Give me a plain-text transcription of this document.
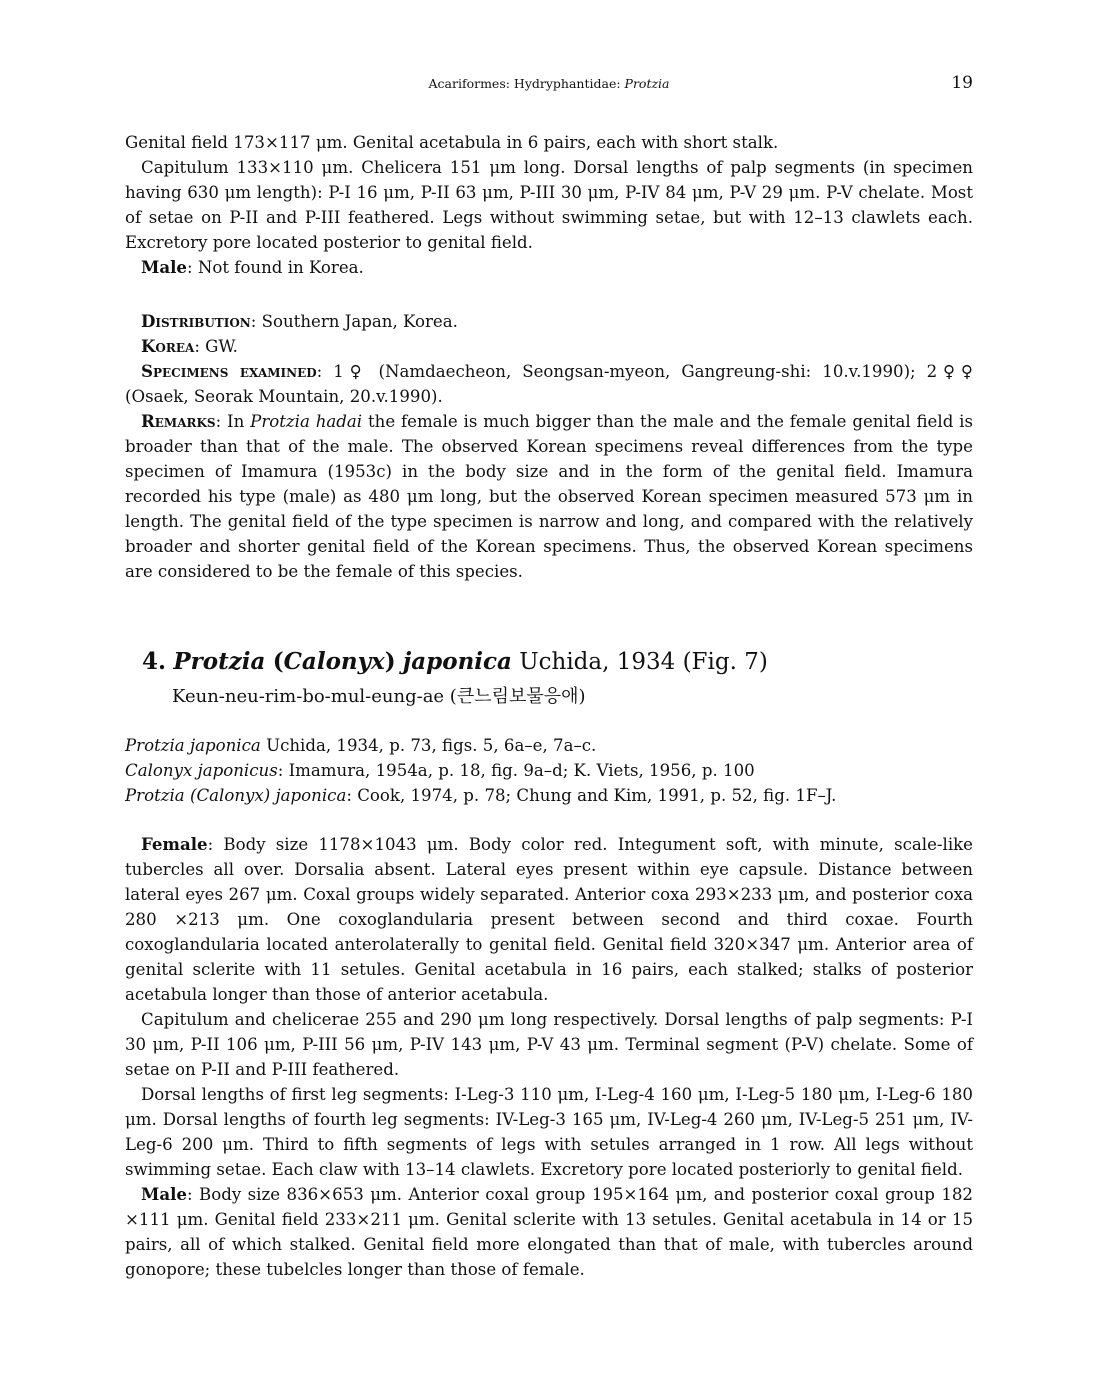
Acariformes: Hydryphantidae: Protzia	19

Genital field 173×117 μm. Genital acetabula in 6 pairs, each with short stalk.

Capitulum 133×110 μm. Chelicera 151 μm long. Dorsal lengths of palp segments (in specimen having 630 μm length): P-I 16 μm, P-II 63 μm, P-III 30 μm, P-IV 84 μm, P-V 29 μm. P-V chelate. Most of setae on P-II and P-III feathered. Legs without swimming setae, but with 12–13 clawlets each. Excretory pore located posterior to genital field.

Male: Not found in Korea.

Distribution: Southern Japan, Korea.

Korea: GW.

Specimens examined: 1♀ (Namdaecheon, Seongsan-myeon, Gangreung-shi: 10.v.1990); 2♀♀ (Osaek, Seorak Mountain, 20.v.1990).

Remarks: In Protzia hadai the female is much bigger than the male and the female genital field is broader than that of the male. The observed Korean specimens reveal differences from the type specimen of Imamura (1953c) in the body size and in the form of the genital field. Imamura recorded his type (male) as 480 μm long, but the observed Korean specimen measured 573 μm in length. The genital field of the type specimen is narrow and long, and compared with the relatively broader and shorter genital field of the Korean specimens. Thus, the observed Korean specimens are considered to be the female of this species.

4. Protzia (Calonyx) japonica Uchida, 1934 (Fig. 7)
Keun-neu-rim-bo-mul-eung-ae (큰느림보물응애)
Protzia japonica Uchida, 1934, p. 73, figs. 5, 6a–e, 7a–c.
Calonyx japonicus: Imamura, 1954a, p. 18, fig. 9a–d; K. Viets, 1956, p. 100
Protzia (Calonyx) japonica: Cook, 1974, p. 78; Chung and Kim, 1991, p. 52, fig. 1F–J.

Female: Body size 1178×1043 μm. Body color red. Integument soft, with minute, scale-like tubercles all over. Dorsalia absent. Lateral eyes present within eye capsule. Distance between lateral eyes 267 μm. Coxal groups widely separated. Anterior coxa 293×233 μm, and posterior coxa 280 ×213 μm. One coxoglandularia present between second and third coxae. Fourth coxoglandularia located anterolaterally to genital field. Genital field 320×347 μm. Anterior area of genital sclerite with 11 setules. Genital acetabula in 16 pairs, each stalked; stalks of posterior acetabula longer than those of anterior acetabula.

Capitulum and chelicerae 255 and 290 μm long respectively. Dorsal lengths of palp segments: P-I 30 μm, P-II 106 μm, P-III 56 μm, P-IV 143 μm, P-V 43 μm. Terminal segment (P-V) chelate. Some of setae on P-II and P-III feathered.

Dorsal lengths of first leg segments: I-Leg-3 110 μm, I-Leg-4 160 μm, I-Leg-5 180 μm, I-Leg-6 180 μm. Dorsal lengths of fourth leg segments: IV-Leg-3 165 μm, IV-Leg-4 260 μm, IV-Leg-5 251 μm, IV-Leg-6 200 μm. Third to fifth segments of legs with setules arranged in 1 row. All legs without swimming setae. Each claw with 13–14 clawlets. Excretory pore located posteriorly to genital field.

Male: Body size 836×653 μm. Anterior coxal group 195×164 μm, and posterior coxal group 182 ×111 μm. Genital field 233×211 μm. Genital sclerite with 13 setules. Genital acetabula in 14 or 15 pairs, all of which stalked. Genital field more elongated than that of male, with tubercles around gonopore; these tubelcles longer than those of female.
